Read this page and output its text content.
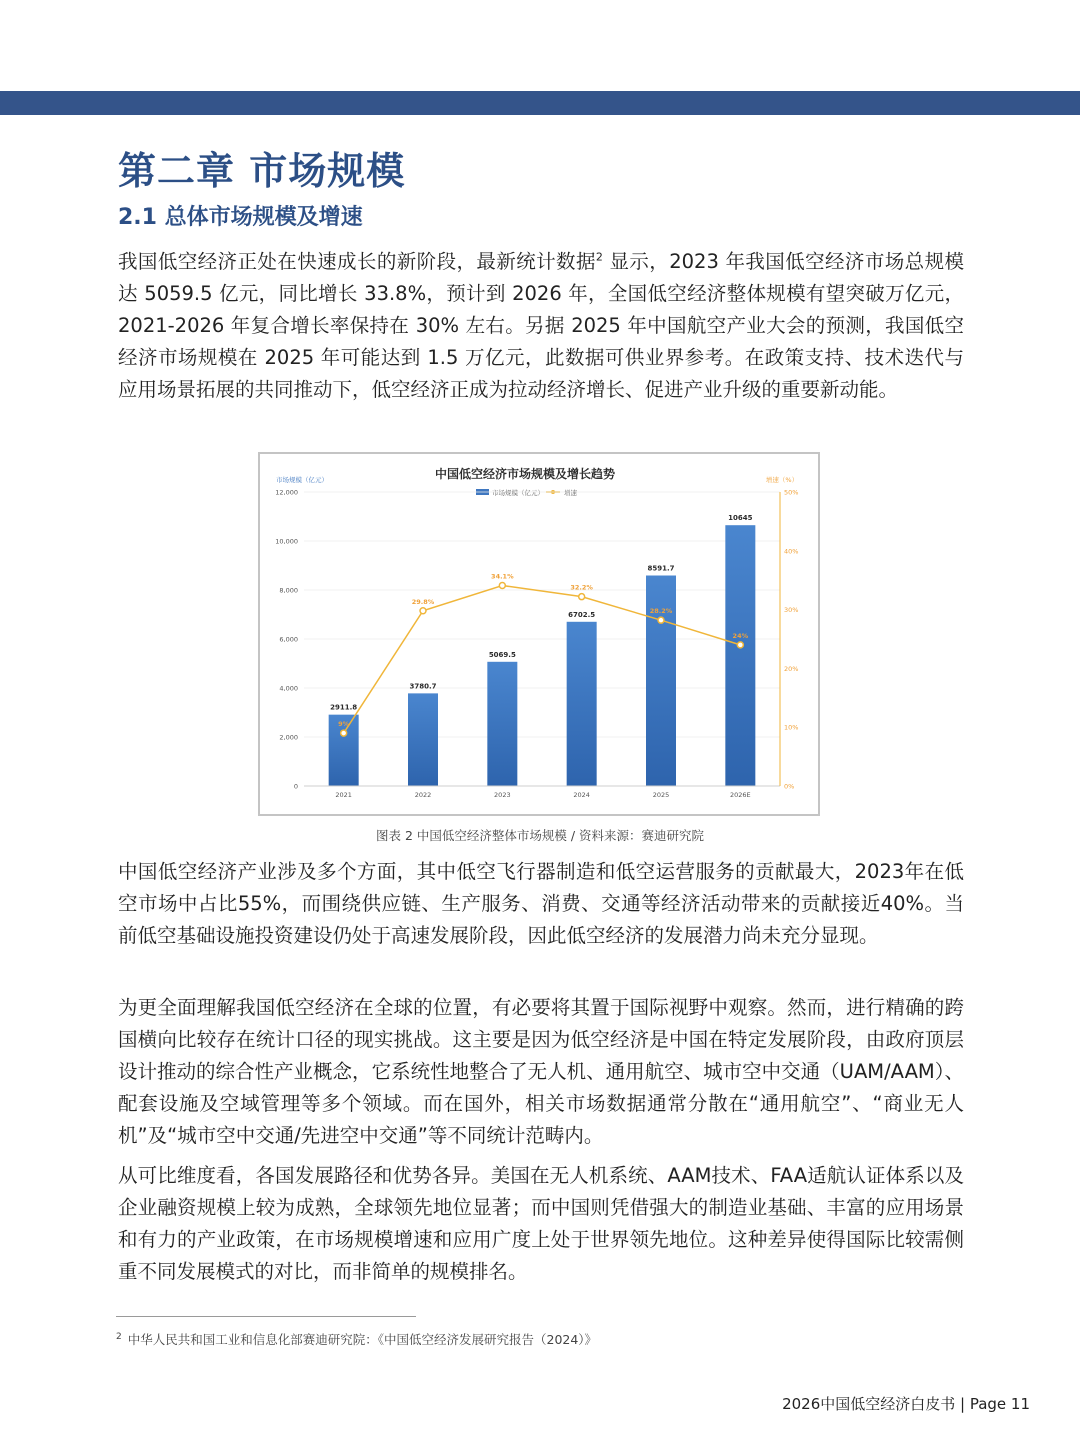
第二章 市场规模
2.1 总体市场规模及增速

我国低空经济正处在快速成长的新阶段，最新统计数据$^2$ 显示，2023 年我国低空经济市场总规模达 5059.5 亿元，同比增长 33.8%，预计到 2026 年，全国低空经济整体规模有望突破万亿元，2021-2026 年复合增长率保持在 30% 左右。另据 2025 年中国航空产业大会的预测，我国低空经济市场规模在 2025 年可能达到 1.5 万亿元，此数据可供业界参考。在政策支持、技术迭代与应用场景拓展的共同推动下，低空经济正成为拉动经济增长、促进产业升级的重要新动能。

中国低空经济市场规模及增长趋势
市场规模（亿元）	增速
市场规模（亿元）	增速（%）
2911.8
3780.7
5069.5
6702.5
8591.7
10645
9%
29.8%
34.1%
32.2%
28.2%
24%
0
2,000
4,000
6,000
8,000
10,000
12,000
0%
10%
20%
30%
40%
50%
2021	2022	2023	2024	2025	2026E
图表 2 中国低空经济整体市场规模 / 资料来源：赛迪研究院

中国低空经济产业涉及多个方面，其中低空飞行器制造和低空运营服务的贡献最大，2023年在低空市场中占比55%，而围绕供应链、生产服务、消费、交通等经济活动带来的贡献接近40%。当前低空基础设施投资建设仍处于高速发展阶段，因此低空经济的发展潜力尚未充分显现。

为更全面理解我国低空经济在全球的位置，有必要将其置于国际视野中观察。然而，进行精确的跨国横向比较存在统计口径的现实挑战。这主要是因为低空经济是中国在特定发展阶段，由政府顶层设计推动的综合性产业概念，它系统性地整合了无人机、通用航空、城市空中交通（UAM/AAM）、配套设施及空域管理等多个领域。而在国外，相关市场数据通常分散在“通用航空”、“商业无人机”及“城市空中交通/先进空中交通”等不同统计范畴内。

从可比维度看，各国发展路径和优势各异。美国在无人机系统、AAM技术、FAA适航认证体系以及企业融资规模上较为成熟，全球领先地位显著；而中国则凭借强大的制造业基础、丰富的应用场景和有力的产业政策，在市场规模增速和应用广度上处于世界领先地位。这种差异使得国际比较需侧重不同发展模式的对比，而非简单的规模排名。

$^2$ 中华人民共和国工业和信息化部赛迪研究院：《中国低空经济发展研究报告（2024）》
2026中国低空经济白皮书 | Page 11
